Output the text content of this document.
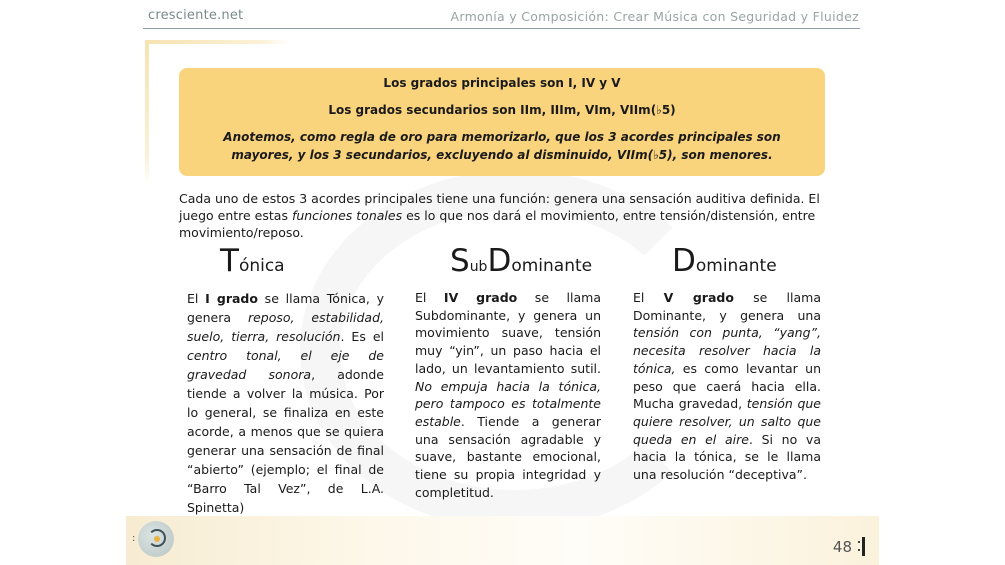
cresciente.net	Armonía y Composición: Crear Música con Seguridad y Fluidez
Los grados principales son I, IV y V
Los grados secundarios son IIm, IIIm, VIm, VIIm(♭5)
Anotemos, como regla de oro para memorizarlo, que los 3 acordes principales son mayores, y los 3 secundarios, excluyendo al disminuido, VIIm(♭5), son menores.
Cada uno de estos 3 acordes principales tiene una función: genera una sensación auditiva definida. El juego entre estas funciones tonales es lo que nos dará el movimiento, entre tensión/distensión, entre movimiento/reposo.
Tónica	SubDominante	Dominante
El I grado se llama Tónica, y genera reposo, estabilidad, suelo, tierra, resolución. Es el centro tonal, el eje de gravedad sonora, adonde tiende a volver la música. Por lo general, se finaliza en este acorde, a menos que se quiera generar una sensación de final “abierto” (ejemplo; el final de “Barro Tal Vez”, de L.A. Spinetta)
El IV grado se llama Subdominante, y genera un movimiento suave, tensión muy “yin”, un paso hacia el lado, un levantamiento sutil. No empuja hacia la tónica, pero tampoco es totalmente estable. Tiende a generar una sensación agradable y suave, bastante emocional, tiene su propia integridad y completitud.
El V grado se llama Dominante, y genera una tensión con punta, “yang”, necesita resolver hacia la tónica, es como levantar un peso que caerá hacia ella. Mucha gravedad, tensión que quiere resolver, un salto que queda en el aire. Si no va hacia la tónica, se le llama una resolución “deceptiva”.
:	48
